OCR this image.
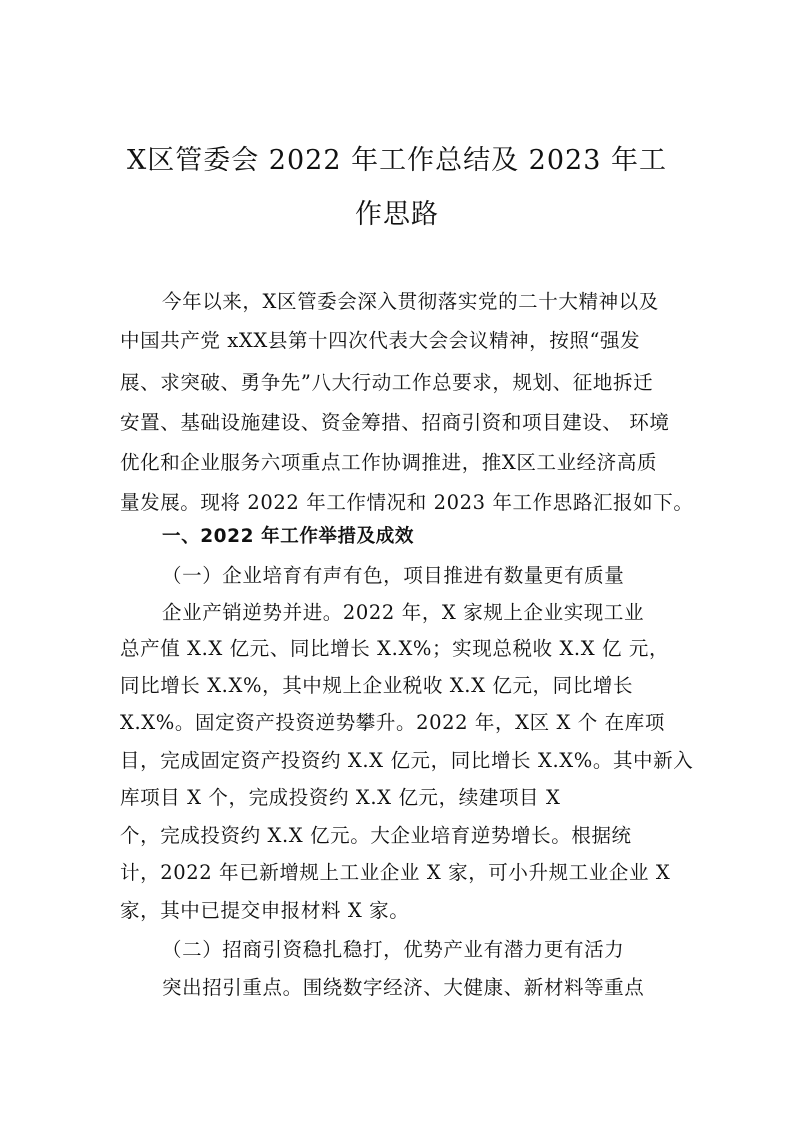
X区管委会 2022 年工作总结及 2023 年工
作思路
今年以来，X区管委会深入贯彻落实党的二十大精神以及
中国共产党 xXX县第十四次代表大会会议精神，按照“强发
展、求突破、勇争先”八大行动工作总要求，规划、征地拆迁
安置、基础设施建设、资金筹措、招商引资和项目建设、 环境
优化和企业服务六项重点工作协调推进，推X区工业经济高质
量发展。现将 2022 年工作情况和 2023 年工作思路汇报如下。
一、2022 年工作举措及成效
（一）企业培育有声有色，项目推进有数量更有质量
企业产销逆势并进。2022 年，X 家规上企业实现工业
总产值 X.X 亿元、同比增长 X.X%；实现总税收 X.X 亿 元，
同比增长 X.X%，其中规上企业税收 X.X 亿元，同比增长
X.X%。固定资产投资逆势攀升。2022 年，X区 X 个 在库项
目，完成固定资产投资约 X.X 亿元，同比增长 X.X%。其中新入
库项目 X 个，完成投资约 X.X 亿元，续建项目 X
个，完成投资约 X.X 亿元。大企业培育逆势增长。根据统
计，2022 年已新增规上工业企业 X 家，可小升规工业企业 X
家，其中已提交申报材料 X 家。
（二）招商引资稳扎稳打，优势产业有潜力更有活力
突出招引重点。围绕数字经济、大健康、新材料等重点
